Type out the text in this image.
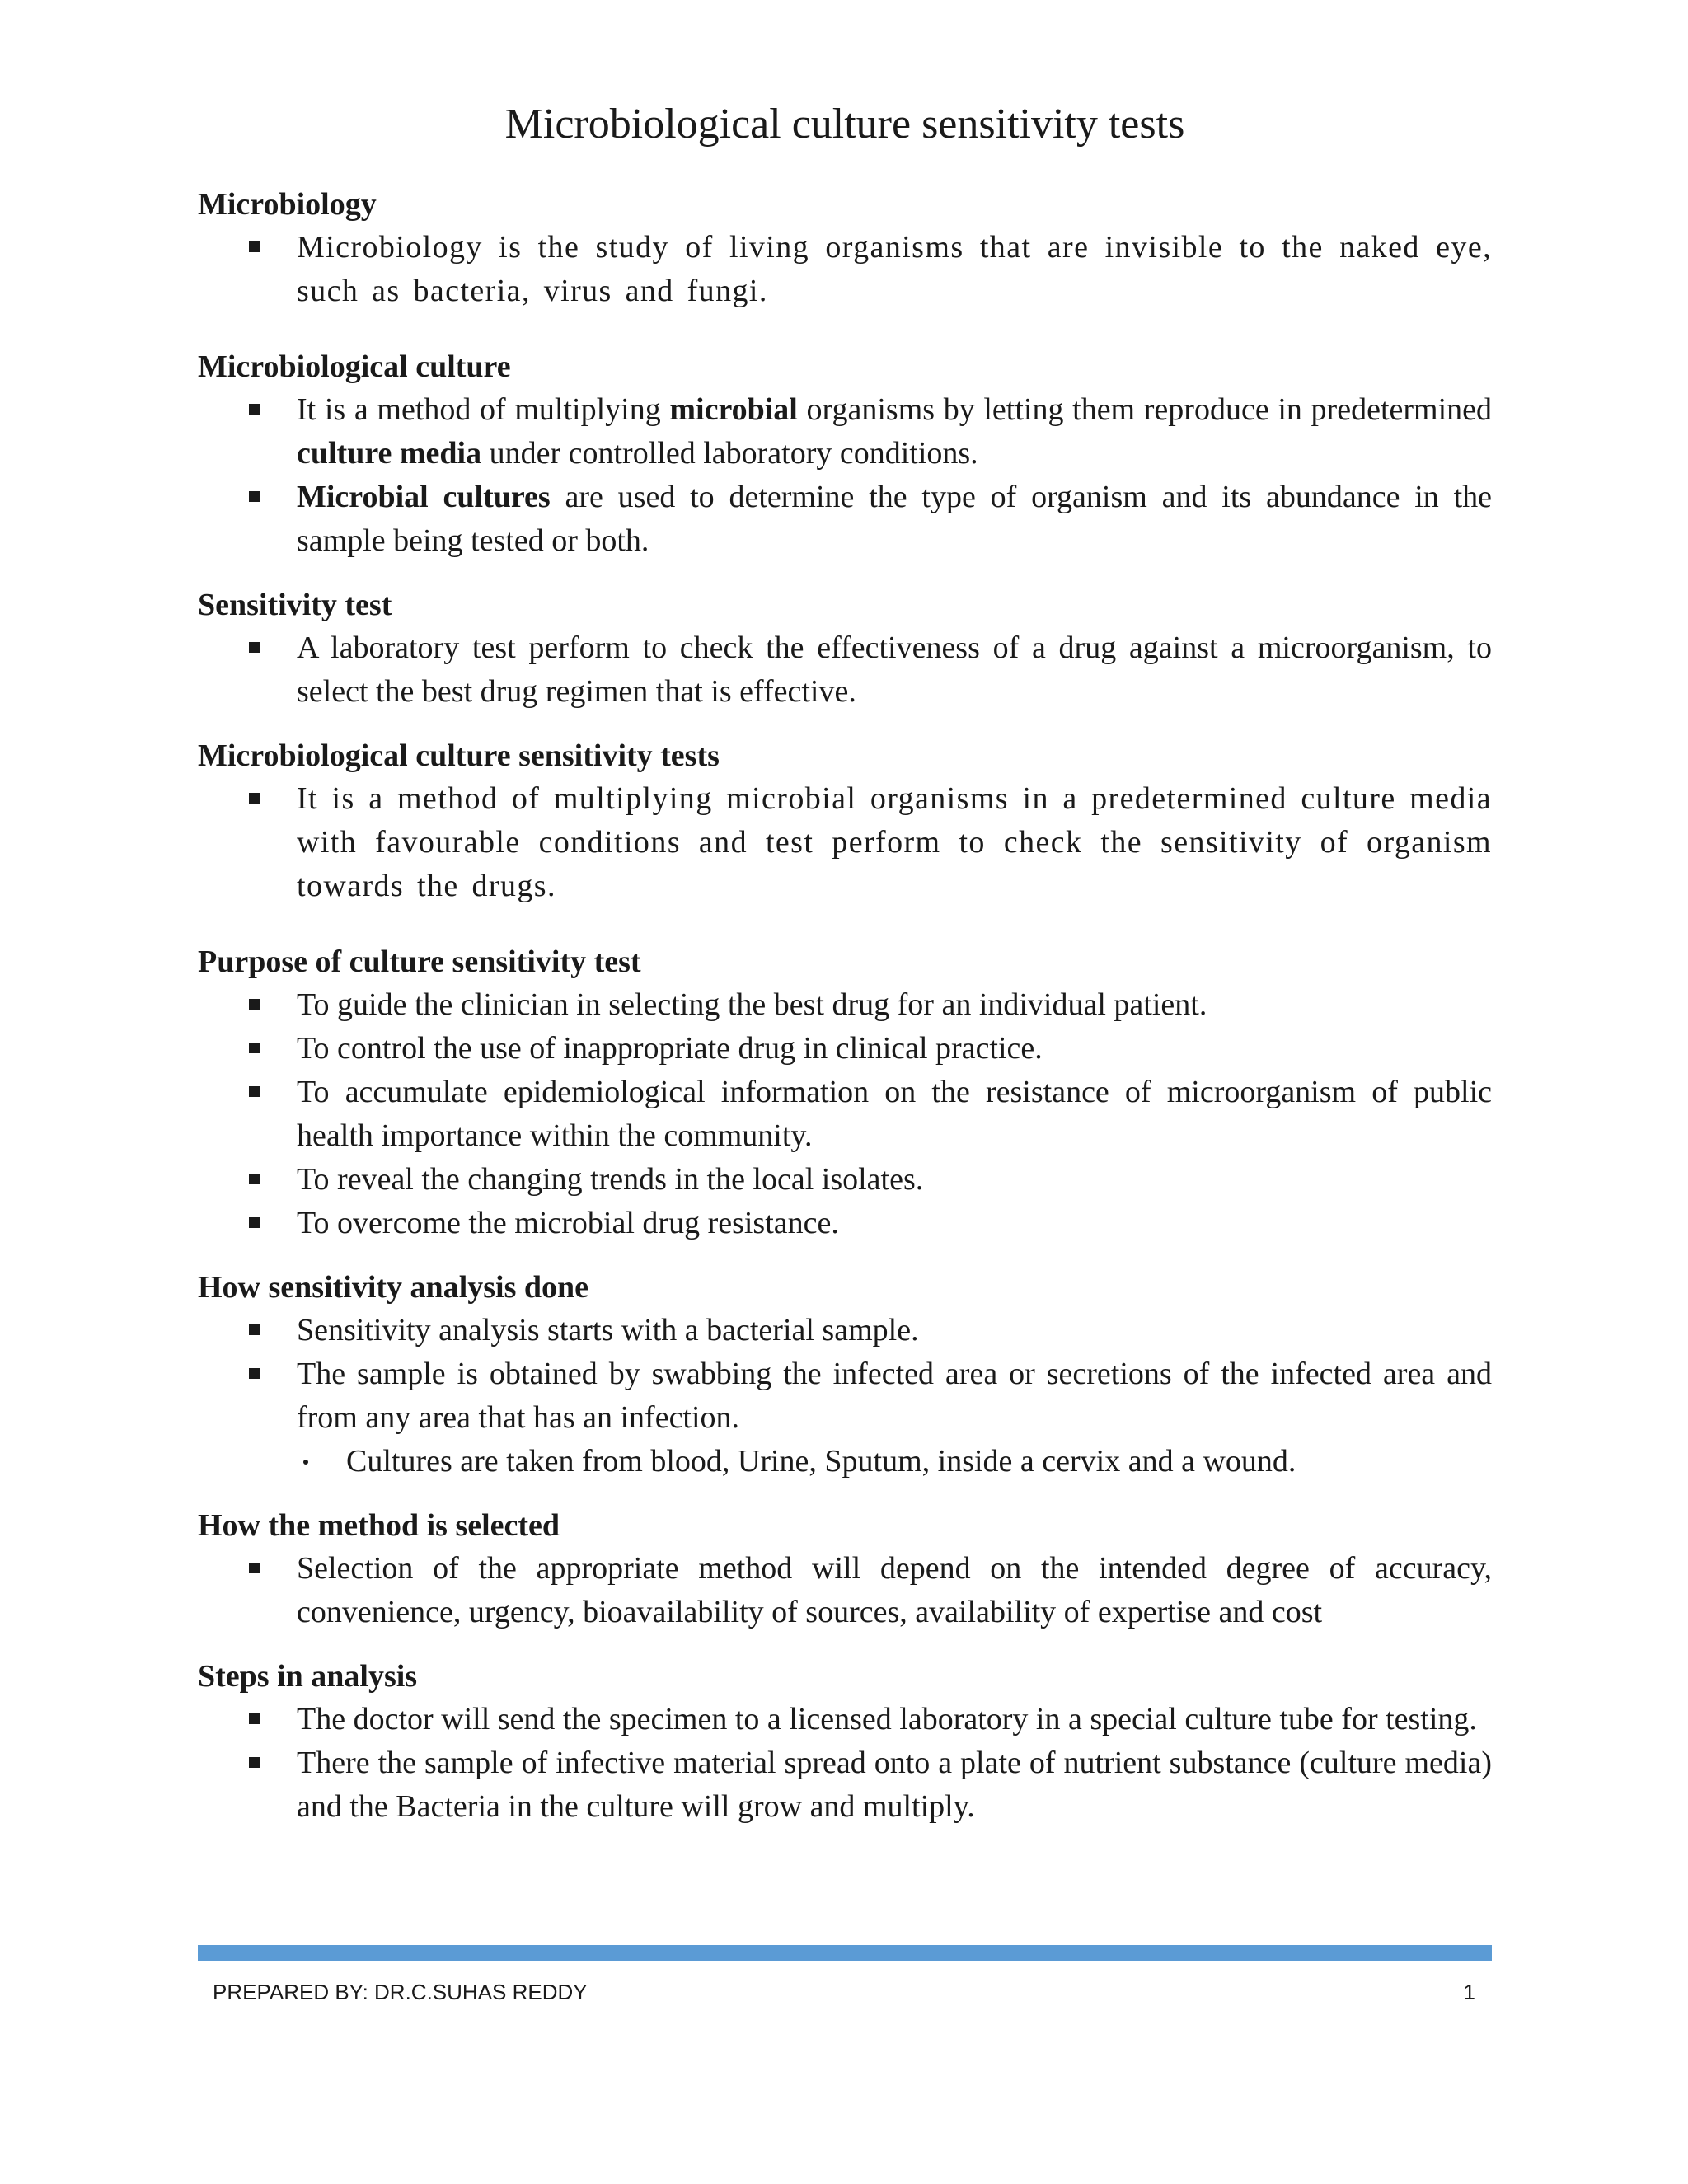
Microbiological culture sensitivity tests

Microbiology

Microbiology is the study of living organisms that are invisible to the naked eye, such as bacteria, virus and fungi.

Microbiological culture

It is a method of multiplying microbial organisms by letting them reproduce in predetermined culture media under controlled laboratory conditions.
Microbial cultures are used to determine the type of organism and its abundance in the sample being tested or both.

Sensitivity test

A laboratory test perform to check the effectiveness of a drug against a microorganism, to select the best drug regimen that is effective.

Microbiological culture sensitivity tests

It is a method of multiplying microbial organisms in a predetermined culture media with favourable conditions and test perform to check the sensitivity of organism towards the drugs.

Purpose of culture sensitivity test

To guide the clinician in selecting the best drug for an individual patient.
To control the use of inappropriate drug in clinical practice.
To accumulate epidemiological information on the resistance of microorganism of public health importance within the community.
To reveal the changing trends in the local isolates.
To overcome the microbial drug resistance.

How sensitivity analysis done

Sensitivity analysis starts with a bacterial sample.
The sample is obtained by swabbing the infected area or secretions of the infected area and from any area that has an infection.
Cultures are taken from blood, Urine, Sputum, inside a cervix and a wound.

How the method is selected

Selection of the appropriate method will depend on the intended degree of accuracy, convenience, urgency, bioavailability of sources, availability of expertise and cost

Steps in analysis

The doctor will send the specimen to a licensed laboratory in a special culture tube for testing.
There the sample of infective material spread onto a plate of nutrient substance (culture media) and the Bacteria in the culture will grow and multiply.
PREPARED BY: DR.C.SUHAS REDDY	1
